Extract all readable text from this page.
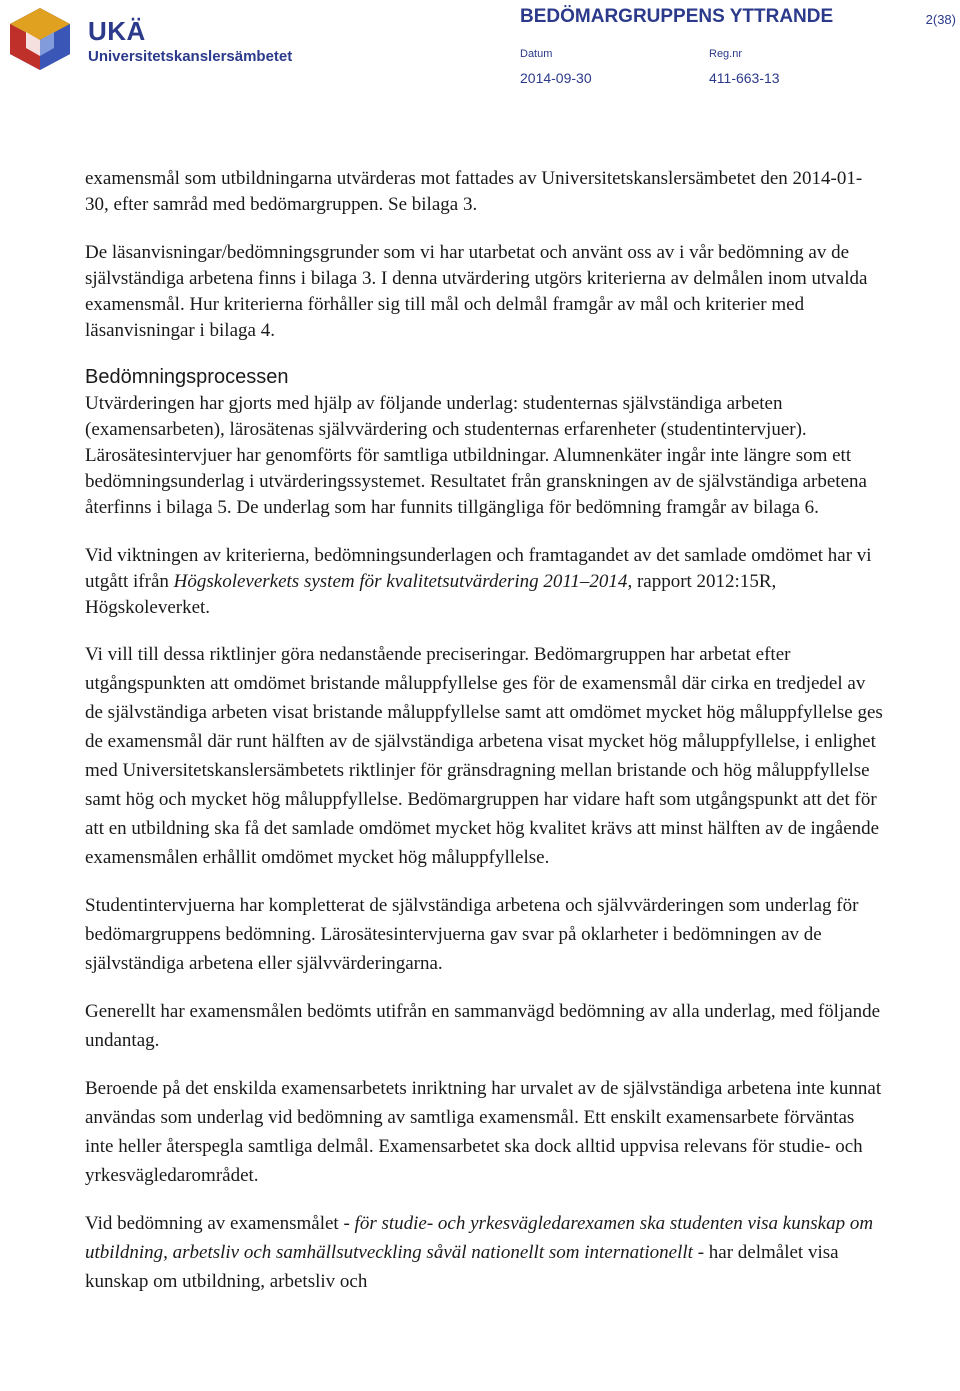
UKÄ
Universitetskanslersämbetet
BEDÖMARGRUPPENS YTTRANDE	2(38)
Datum
2014-09-30
Reg.nr
411-663-13

examensmål som utbildningarna utvärderas mot fattades av Universitetskanslersämbetet den 2014-01-30, efter samråd med bedömargruppen. Se bilaga 3.

De läsanvisningar/bedömningsgrunder som vi har utarbetat och använt oss av i vår bedömning av de självständiga arbetena finns i bilaga 3. I denna utvärdering utgörs kriterierna av delmålen inom utvalda examensmål. Hur kriterierna förhåller sig till mål och delmål framgår av mål och kriterier med läsanvisningar i bilaga 4.

Bedömningsprocessen

Utvärderingen har gjorts med hjälp av följande underlag: studenternas självständiga arbeten (examensarbeten), lärosätenas självvärdering och studenternas erfarenheter (studentintervjuer). Lärosätesintervjuer har genomförts för samtliga utbildningar. Alumnenkäter ingår inte längre som ett bedömningsunderlag i utvärderingssystemet. Resultatet från granskningen av de självständiga arbetena återfinns i bilaga 5. De underlag som har funnits tillgängliga för bedömning framgår av bilaga 6.

Vid viktningen av kriterierna, bedömningsunderlagen och framtagandet av det samlade omdömet har vi utgått ifrån Högskoleverkets system för kvalitetsutvärdering 2011–2014, rapport 2012:15R, Högskoleverket.

Vi vill till dessa riktlinjer göra nedanstående preciseringar. Bedömargruppen har arbetat efter utgångspunkten att omdömet bristande måluppfyllelse ges för de examensmål där cirka en tredjedel av de självständiga arbeten visat bristande måluppfyllelse samt att omdömet mycket hög måluppfyllelse ges de examensmål där runt hälften av de självständiga arbetena visat mycket hög måluppfyllelse, i enlighet med Universitetskanslersämbetets riktlinjer för gränsdragning mellan bristande och hög måluppfyllelse samt hög och mycket hög måluppfyllelse. Bedömargruppen har vidare haft som utgångspunkt att det för att en utbildning ska få det samlade omdömet mycket hög kvalitet krävs att minst hälften av de ingående examensmålen erhållit omdömet mycket hög måluppfyllelse.

Studentintervjuerna har kompletterat de självständiga arbetena och självvärderingen som underlag för bedömargruppens bedömning. Lärosätesintervjuerna gav svar på oklarheter i bedömningen av de självständiga arbetena eller självvärderingarna.

Generellt har examensmålen bedömts utifrån en sammanvägd bedömning av alla underlag, med följande undantag.

Beroende på det enskilda examensarbetets inriktning har urvalet av de självständiga arbetena inte kunnat användas som underlag vid bedömning av samtliga examensmål. Ett enskilt examensarbete förväntas inte heller återspegla samtliga delmål. Examensarbetet ska dock alltid uppvisa relevans för studie- och yrkesvägledarområdet.

Vid bedömning av examensmålet - för studie- och yrkesvägledarexamen ska studenten visa kunskap om utbildning, arbetsliv och samhällsutveckling såväl nationellt som internationellt - har delmålet visa kunskap om utbildning, arbetsliv och
